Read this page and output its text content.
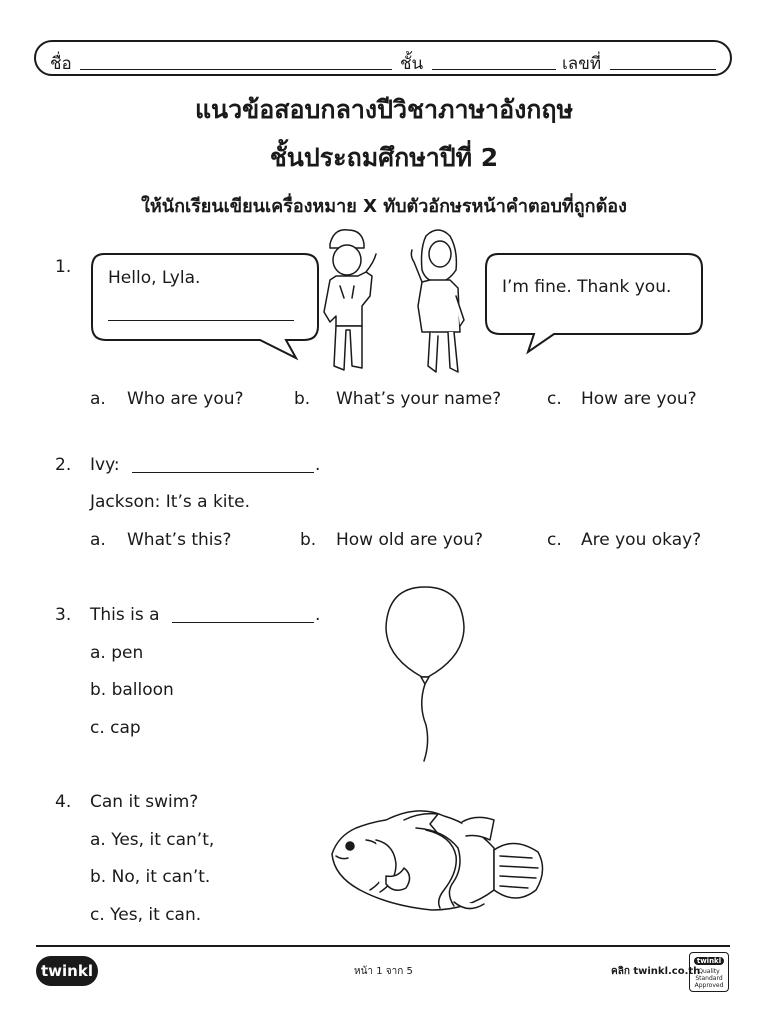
ชื่อ	ชั้น	เลขที่
แนวข้อสอบกลางปีวิชาภาษาอังกฤษ
ชั้นประถมศึกษาปีที่ 2
ให้นักเรียนเขียนเครื่องหมาย X ทับตัวอักษรหน้าคำตอบที่ถูกต้อง
1.
Hello, Lyla.	I’m fine. Thank you.
a. Who are you?	b. What’s your name?	c. How are you?
2. Ivy:	.
Jackson: It’s a kite.
a. What’s this?	b. How old are you?	c. Are you okay?
3. This is a	.
a. pen
b. balloon
c. cap
4. Can it swim?
a. Yes, it can’t,
b. No, it can’t.
c. Yes, it can.
twinkl	หน้า 1 จาก 5	คลิก twinkl.co.th
twinkl
Quality Standard Approved
